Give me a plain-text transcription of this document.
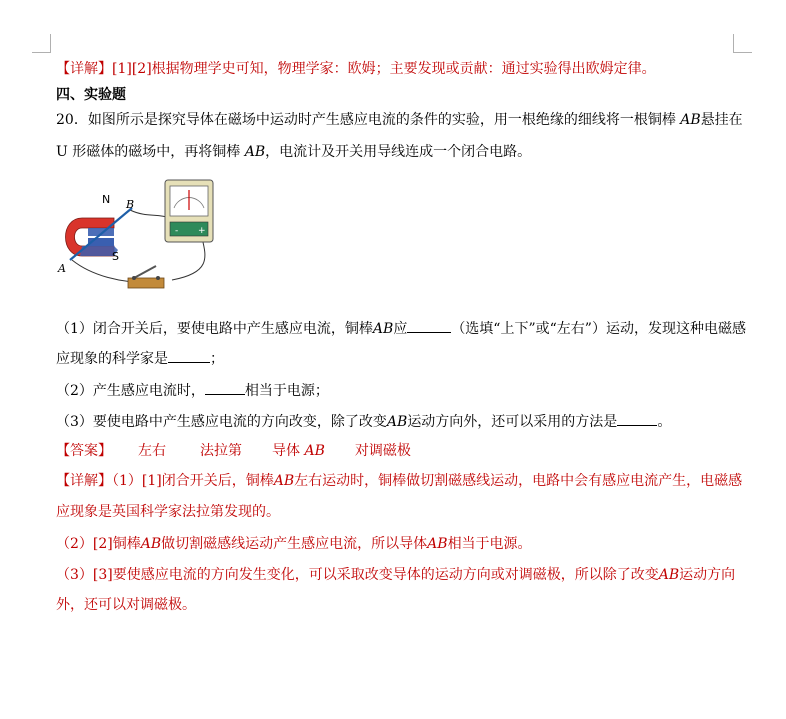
【详解】[1][2]根据物理学史可知，物理学家：欧姆；主要发现或贡献：通过实验得出欧姆定律。
四、实验题
20．如图所示是探究导体在磁场中运动时产生感应电流的条件的实验，用一根绝缘的细线将一根铜棒 AB悬挂在
U 形磁体的磁场中，再将铜棒 AB，电流计及开关用导线连成一个闭合电路。
N
S
A
B
- +
（1）闭合开关后，要使电路中产生感应电流，铜棒AB应	（选填“上下”或“左右”）运动，发现这种电磁感
应现象的科学家是	；
（2）产生感应电流时，	相当于电源；
（3）要使电路中产生感应电流的方向改变，除了改变AB运动方向外，还可以采用的方法是	。
【答案】 左右 法拉第 导体 AB 对调磁极
【详解】（1）[1]闭合开关后，铜棒AB左右运动时，铜棒做切割磁感线运动，电路中会有感应电流产生，电磁感
应现象是英国科学家法拉第发现的。
（2）[2]铜棒AB做切割磁感线运动产生感应电流，所以导体AB相当于电源。
（3）[3]要使感应电流的方向发生变化，可以采取改变导体的运动方向或对调磁极，所以除了改变AB运动方向
外，还可以对调磁极。
